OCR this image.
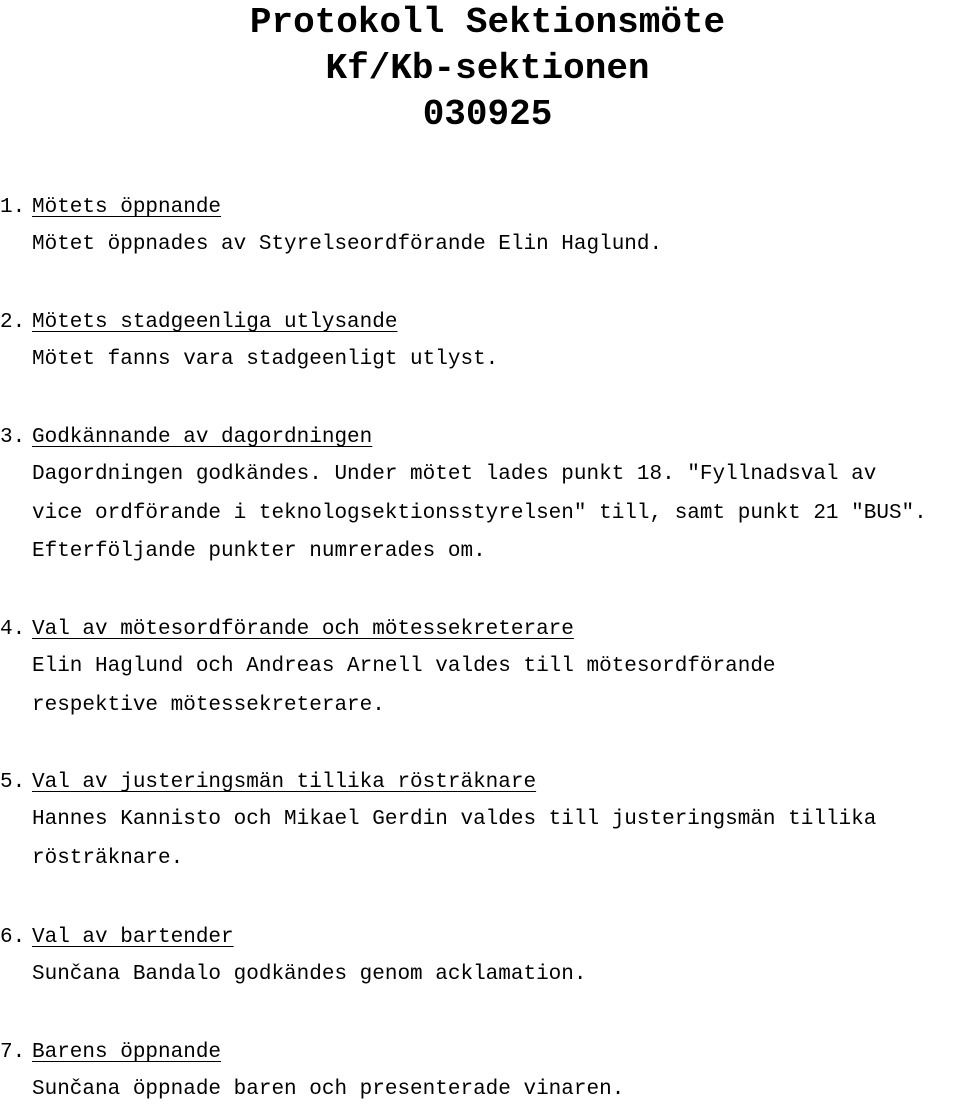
Protokoll Sektionsmöte
Kf/Kb-sektionen
030925
1. Mötets öppnande
Mötet öppnades av Styrelseordförande Elin Haglund.
2. Mötets stadgeenliga utlysande
Mötet fanns vara stadgeenligt utlyst.
3. Godkännande av dagordningen
Dagordningen godkändes. Under mötet lades punkt 18. "Fyllnadsval av
vice ordförande i teknologsektionsstyrelsen" till, samt punkt 21 "BUS".
Efterföljande punkter numrerades om.
4. Val av mötesordförande och mötessekreterare
Elin Haglund och Andreas Arnell valdes till mötesordförande
respektive mötessekreterare.
5. Val av justeringsmän tillika rösträknare
Hannes Kannisto och Mikael Gerdin valdes till justeringsmän tillika
rösträknare.
6. Val av bartender
Sunčana Bandalo godkändes genom acklamation.
7. Barens öppnande
Sunčana öppnade baren och presenterade vinaren.
